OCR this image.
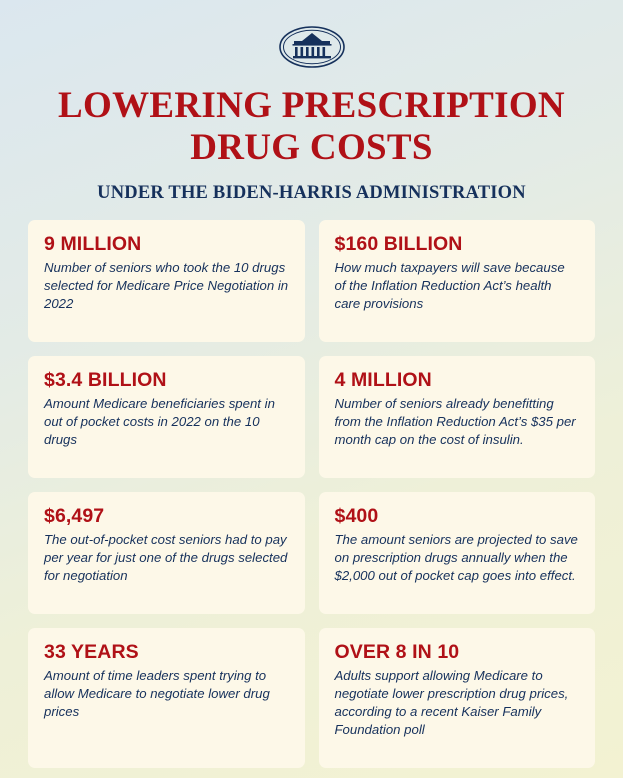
LOWERING PRESCRIPTION
DRUG COSTS
UNDER THE BIDEN-HARRIS ADMINISTRATION

9 MILLION

Number of seniors who took the 10 drugs selected for Medicare Price Negotiation in 2022

$160 BILLION

How much taxpayers will save because of the Inflation Reduction Act’s health care provisions

$3.4 BILLION

Amount Medicare beneficiaries spent in out of pocket costs in 2022 on the 10 drugs

4 MILLION

Number of seniors already benefitting from the Inflation Reduction Act’s $35 per month cap on the cost of insulin.

$6,497

The out-of-pocket cost seniors had to pay per year for just one of the drugs selected for negotiation

$400

The amount seniors are projected to save on prescription drugs annually when the $2,000 out of pocket cap goes into effect.

33 YEARS

Amount of time leaders spent trying to allow Medicare to negotiate lower drug prices

OVER 8 IN 10

Adults support allowing Medicare to negotiate lower prescription drug prices, according to a recent Kaiser Family Foundation poll
